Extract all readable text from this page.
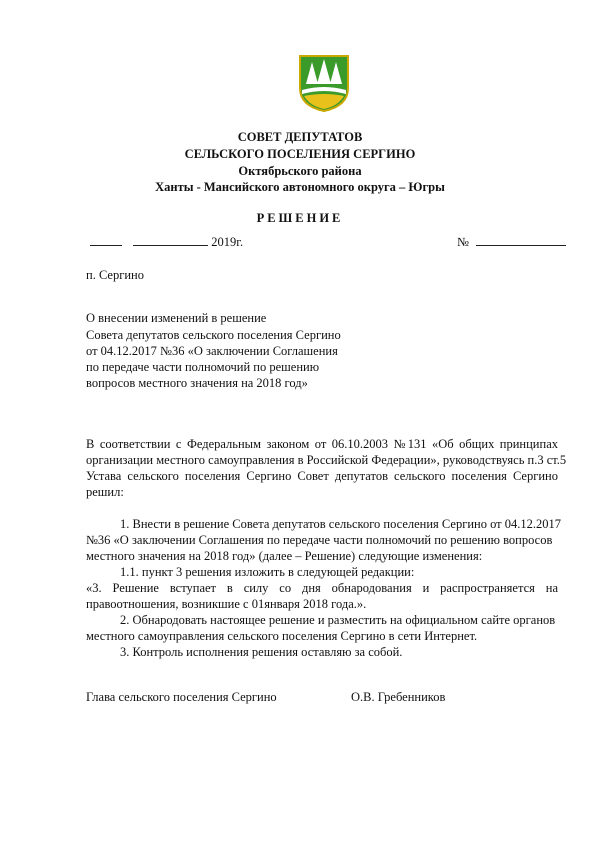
СОВЕТ ДЕПУТАТОВ
СЕЛЬСКОГО ПОСЕЛЕНИЯ СЕРГИНО
Октябрьского района
Ханты - Мансийского автономного округа – Югры
РЕШЕНИЕ
2019г.	№
п. Сергино
О внесении изменений в решение
Совета депутатов сельского поселения Сергино
от 04.12.2017 №36 «О заключении Соглашения
по передаче части полномочий по решению
вопросов местного значения на 2018 год»
В соответствии с Федеральным законом от 06.10.2003 №131 «Об общих принципах
организации местного самоуправления в Российской Федерации», руководствуясь п.3 ст.5
Устава сельского поселения Сергино Совет депутатов сельского поселения Сергино
решил:
1. Внести в решение Совета депутатов сельского поселения Сергино от 04.12.2017
№36 «О заключении Соглашения по передаче части полномочий по решению вопросов
местного значения на 2018 год» (далее – Решение) следующие изменения:
1.1. пункт 3 решения изложить в следующей редакции:
«3. Решение вступает в силу со дня обнародования и распространяется на
правоотношения, возникшие с 01января 2018 года.».
2. Обнародовать настоящее решение и разместить на официальном сайте органов
местного самоуправления сельского поселения Сергино в сети Интернет.
3. Контроль исполнения решения оставляю за собой.
Глава сельского поселения Сергино	О.В. Гребенников
